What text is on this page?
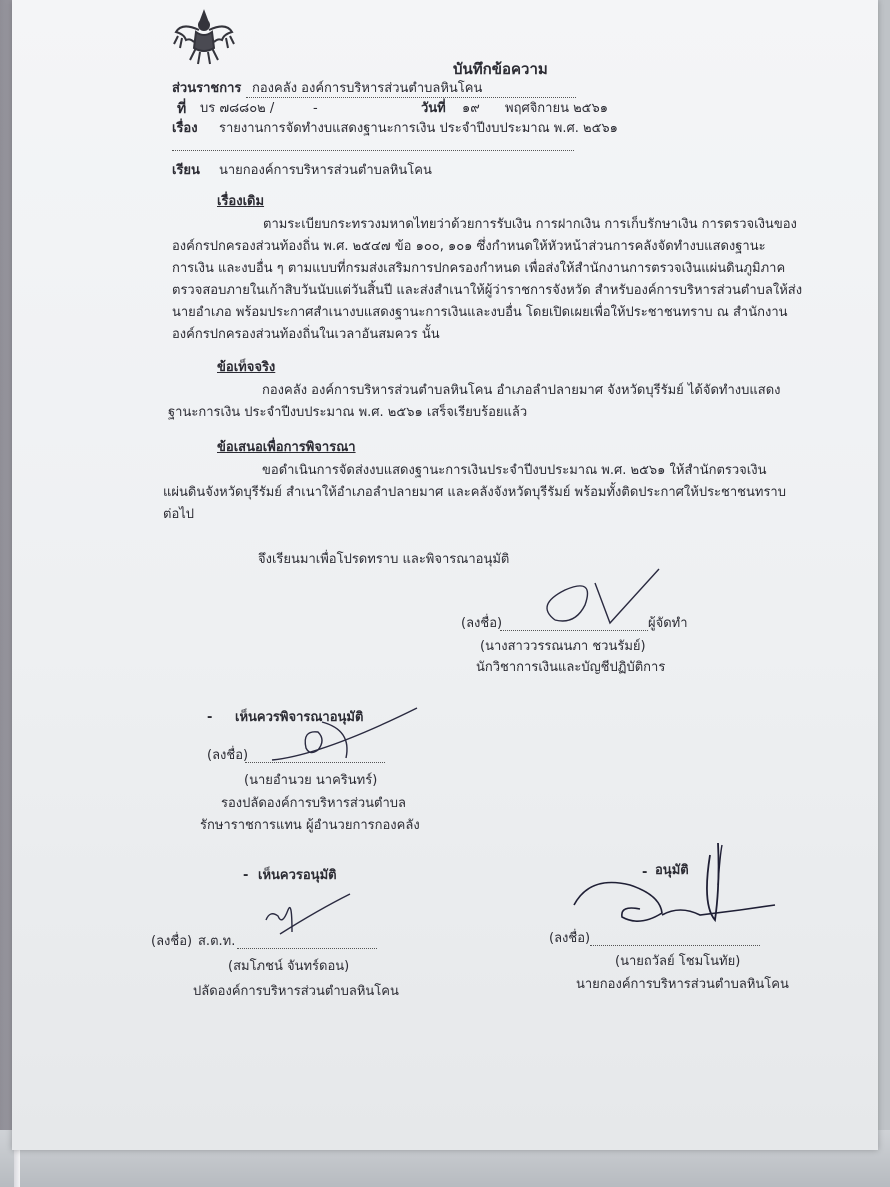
บันทึกข้อความ
ส่วนราชการ กองคลัง องค์การบริหารส่วนตำบลหินโคน
ที่ บร ๗๘๘๐๒ /	-	วันที่ ๑๙ พฤศจิกายน ๒๕๖๑
เรื่อง รายงานการจัดทำงบแสดงฐานะการเงิน ประจำปีงบประมาณ พ.ศ. ๒๕๖๑
เรียน นายกองค์การบริหารส่วนตำบลหินโคน
เรื่องเดิม
ตามระเบียบกระทรวงมหาดไทยว่าด้วยการรับเงิน การฝากเงิน การเก็บรักษาเงิน การตรวจเงินของ
องค์กรปกครองส่วนท้องถิ่น พ.ศ. ๒๕๔๗ ข้อ ๑๐๐, ๑๐๑ ซึ่งกำหนดให้หัวหน้าส่วนการคลังจัดทำงบแสดงฐานะ
การเงิน และงบอื่น ๆ ตามแบบที่กรมส่งเสริมการปกครองกำหนด เพื่อส่งให้สำนักงานการตรวจเงินแผ่นดินภูมิภาค
ตรวจสอบภายในเก้าสิบวันนับแต่วันสิ้นปี และส่งสำเนาให้ผู้ว่าราชการจังหวัด สำหรับองค์การบริหารส่วนตำบลให้ส่ง
นายอำเภอ พร้อมประกาศสำเนางบแสดงฐานะการเงินและงบอื่น โดยเปิดเผยเพื่อให้ประชาชนทราบ ณ สำนักงาน
องค์กรปกครองส่วนท้องถิ่นในเวลาอันสมควร นั้น
ข้อเท็จจริง
กองคลัง องค์การบริหารส่วนตำบลหินโคน อำเภอลำปลายมาศ จังหวัดบุรีรัมย์ ได้จัดทำงบแสดง
ฐานะการเงิน ประจำปีงบประมาณ พ.ศ. ๒๕๖๑ เสร็จเรียบร้อยแล้ว
ข้อเสนอเพื่อการพิจารณา
ขอดำเนินการจัดส่งงบแสดงฐานะการเงินประจำปีงบประมาณ พ.ศ. ๒๕๖๑ ให้สำนักตรวจเงิน
แผ่นดินจังหวัดบุรีรัมย์ สำเนาให้อำเภอลำปลายมาศ และคลังจังหวัดบุรีรัมย์ พร้อมทั้งติดประกาศให้ประชาชนทราบ
ต่อไป
จึงเรียนมาเพื่อโปรดทราบ และพิจารณาอนุมัติ
(ลงชื่อ)	ผู้จัดทำ
(นางสาววรรณนภา ชวนรัมย์)
นักวิชาการเงินและบัญชีปฏิบัติการ
- เห็นควรพิจารณาอนุมัติ
(ลงชื่อ)
(นายอำนวย นาครินทร์)
รองปลัดองค์การบริหารส่วนตำบล
รักษาราชการแทน ผู้อำนวยการกองคลัง
- เห็นควรอนุมัติ
(ลงชื่อ) ส.ต.ท.
(สมโภชน์ จันทร์ดอน)
ปลัดองค์การบริหารส่วนตำบลหินโคน
- อนุมัติ
(ลงชื่อ)
(นายถวัลย์ โชมโนทัย)
นายกองค์การบริหารส่วนตำบลหินโคน
